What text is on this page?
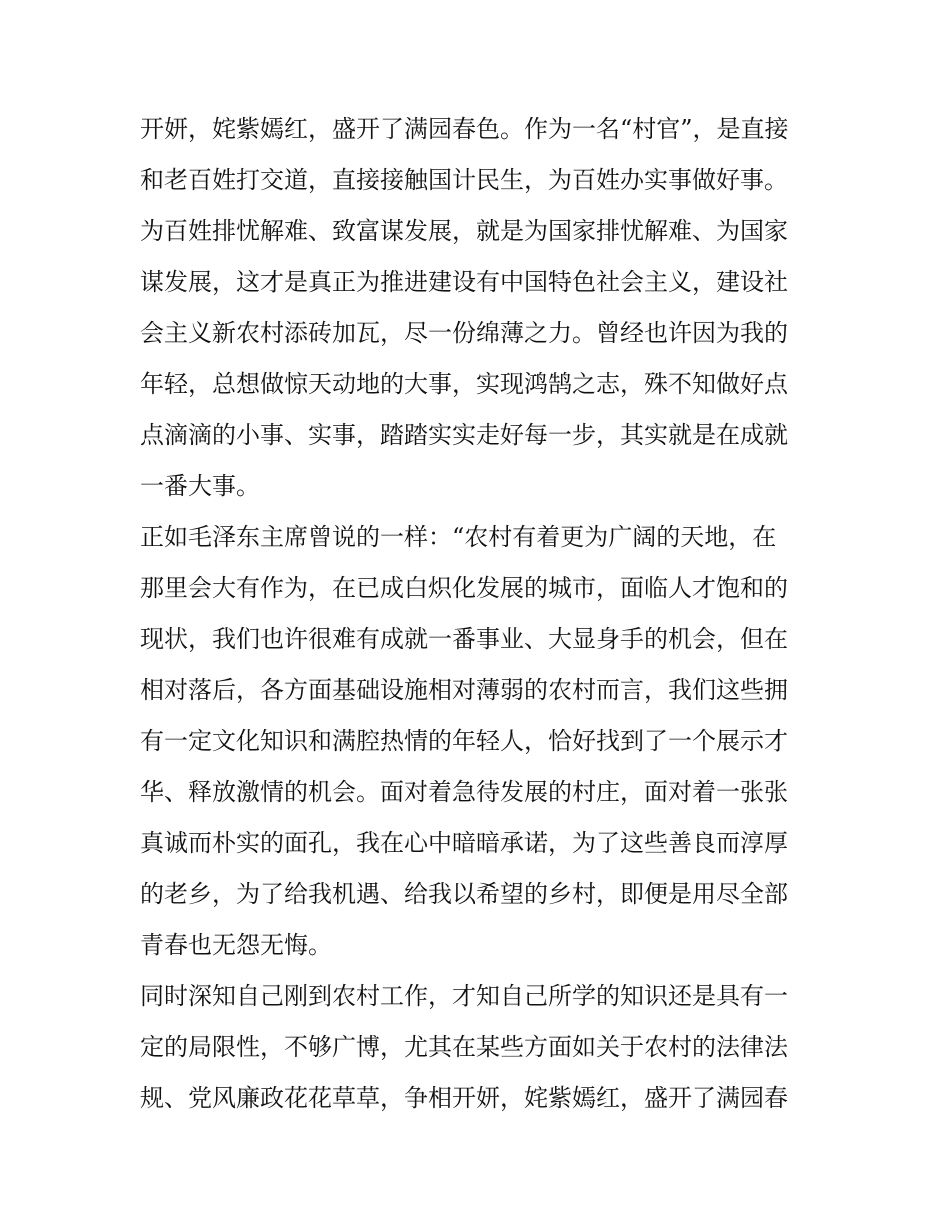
开妍，姹紫嫣红，盛开了满园春色。作为一名“村官”，是直接
和老百姓打交道，直接接触国计民生，为百姓办实事做好事。
为百姓排忧解难、致富谋发展，就是为国家排忧解难、为国家
谋发展，这才是真正为推进建设有中国特色社会主义，建设社
会主义新农村添砖加瓦，尽一份绵薄之力。曾经也许因为我的
年轻，总想做惊天动地的大事，实现鸿鹄之志，殊不知做好点
点滴滴的小事、实事，踏踏实实走好每一步，其实就是在成就
一番大事。
正如毛泽东主席曾说的一样：“农村有着更为广阔的天地，在
那里会大有作为，在已成白炽化发展的城市，面临人才饱和的
现状，我们也许很难有成就一番事业、大显身手的机会，但在
相对落后，各方面基础设施相对薄弱的农村而言，我们这些拥
有一定文化知识和满腔热情的年轻人，恰好找到了一个展示才
华、释放激情的机会。面对着急待发展的村庄，面对着一张张
真诚而朴实的面孔，我在心中暗暗承诺，为了这些善良而淳厚
的老乡，为了给我机遇、给我以希望的乡村，即便是用尽全部
青春也无怨无悔。
同时深知自己刚到农村工作，才知自己所学的知识还是具有一
定的局限性，不够广博，尤其在某些方面如关于农村的法律法
规、党风廉政花花草草，争相开妍，姹紫嫣红，盛开了满园春
